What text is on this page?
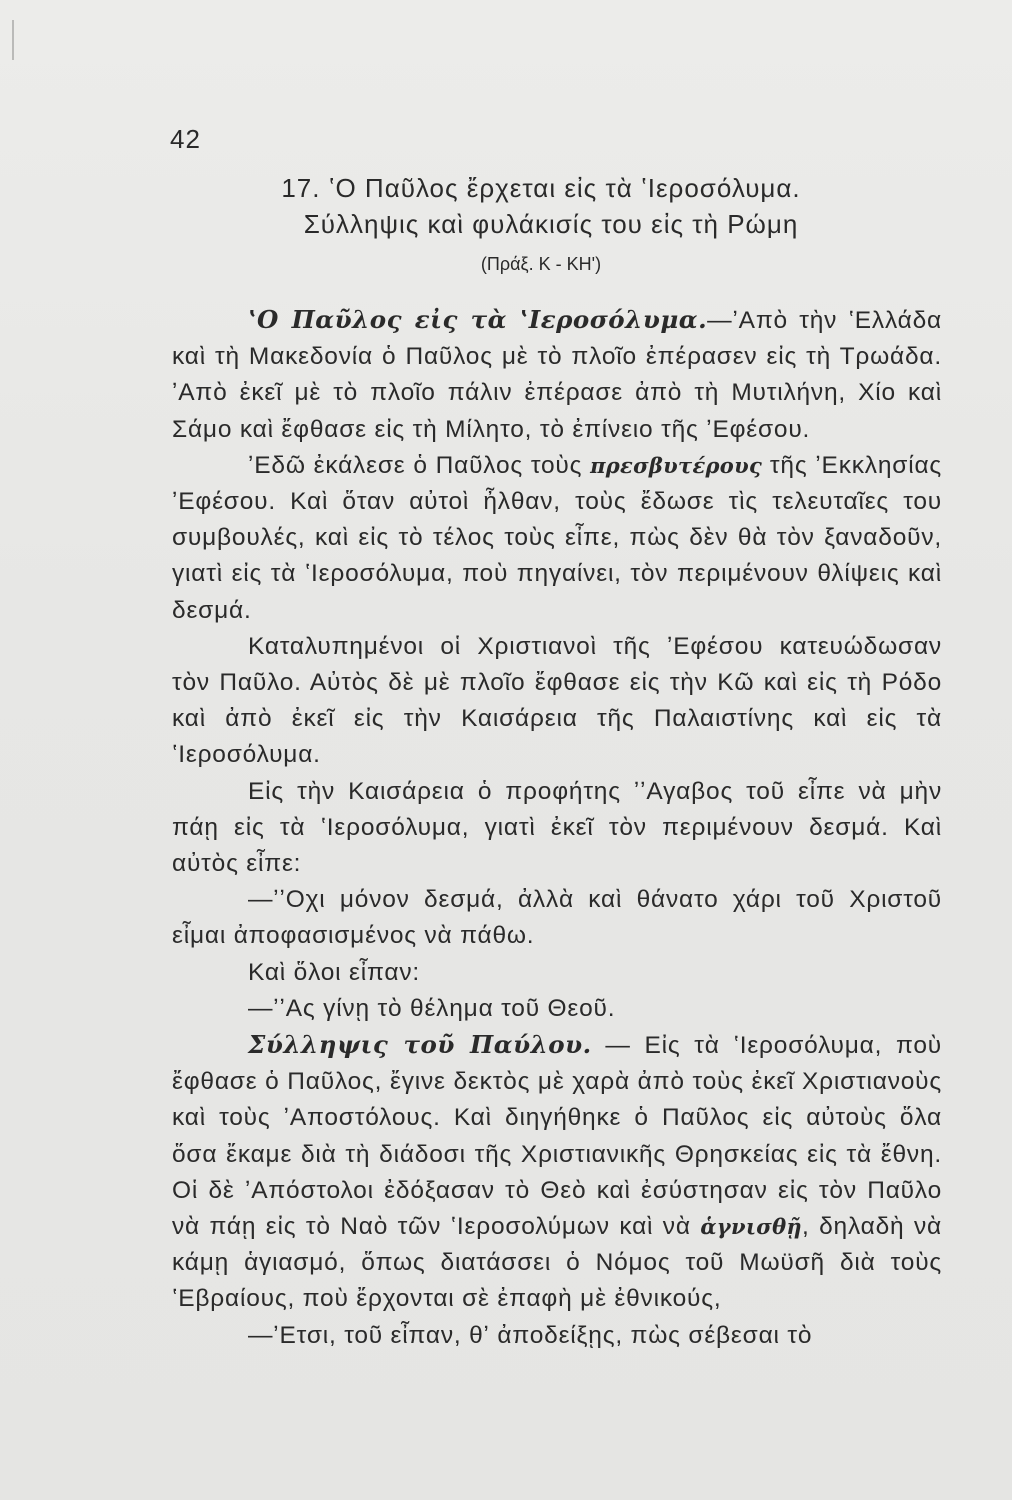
42
17. ʽΟ Παῦλος ἔρχεται εἰς τὰ ʽΙεροσόλυμα.
Σύλληψις καὶ φυλάκισίς του εἰς τὴ Ρώμη
(Πράξ. Κ - ΚΗʹ)

ʽΟ Παῦλος εἰς τὰ ʽΙεροσόλυμα.—ʼΑπὸ τὴν ʽΕλλάδα καὶ τὴ Μακεδονία ὁ Παῦλος μὲ τὸ πλοῖο ἐπέρασεν εἰς τὴ Τρωάδα. ʼΑπὸ ἐκεῖ μὲ τὸ πλοῖο πάλιν ἐπέρασε ἀπὸ τὴ Μυτιλήνη, Χίο καὶ Σάμο καὶ ἔφθασε εἰς τὴ Μίλητο, τὸ ἐπίνειο τῆς ʼΕφέσου.

ʼΕδῶ ἐκάλεσε ὁ Παῦλος τοὺς πρεσβυτέρους τῆς ʼΕκκλησίας ʼΕφέσου. Καὶ ὅταν αὐτοὶ ἦλθαν, τοὺς ἔδωσε τὶς τελευταῖες του συμβουλές, καὶ εἰς τὸ τέλος τοὺς εἶπε, πὼς δὲν θὰ τὸν ξαναδοῦν, γιατὶ εἰς τὰ ʽΙεροσόλυμα, ποὺ πηγαίνει, τὸν περιμένουν θλίψεις καὶ δεσμά.

Καταλυπημένοι οἱ Χριστιανοὶ τῆς ʼΕφέσου κατευώδωσαν τὸν Παῦλο. Αὐτὸς δὲ μὲ πλοῖο ἔφθασε εἰς τὴν Κῶ καὶ εἰς τὴ Ρόδο καὶ ἀπὸ ἐκεῖ εἰς τὴν Καισάρεια τῆς Παλαιστίνης καὶ εἰς τὰ ʽΙεροσόλυμα.

Εἰς τὴν Καισάρεια ὁ προφήτης ʼʼΑγαβος τοῦ εἶπε νὰ μὴν πάῃ εἰς τὰ ʽΙεροσόλυμα, γιατὶ ἐκεῖ τὸν περιμένουν δεσμά. Καὶ αὐτὸς εἶπε:

—ʼʼΟχι μόνον δεσμά, ἀλλὰ καὶ θάνατο χάρι τοῦ Χριστοῦ εἶμαι ἀποφασισμένος νὰ πάθω.

Καὶ ὅλοι εἶπαν:

—ʼʼΑς γίνῃ τὸ θέλημα τοῦ Θεοῦ.

Σύλληψις τοῦ Παύλου. — Εἰς τὰ ʽΙεροσόλυμα, ποὺ ἔφθασε ὁ Παῦλος, ἔγινε δεκτὸς μὲ χαρὰ ἀπὸ τοὺς ἐκεῖ Χριστιανοὺς καὶ τοὺς ʼΑποστόλους. Καὶ διηγήθηκε ὁ Παῦλος εἰς αὐτοὺς ὅλα ὅσα ἔκαμε διὰ τὴ διάδοσι τῆς Χριστιανικῆς Θρησκείας εἰς τὰ ἔθνη. Οἱ δὲ ʼΑπόστολοι ἐδόξασαν τὸ Θεὸ καὶ ἐσύστησαν εἰς τὸν Παῦλο νὰ πάῃ εἰς τὸ Ναὸ τῶν ʽΙεροσολύμων καὶ νὰ ἁγνισθῇ, δηλαδὴ νὰ κάμῃ ἁγιασμό, ὅπως διατάσσει ὁ Νόμος τοῦ Μωϋσῆ διὰ τοὺς ʽΕβραίους, ποὺ ἔρχονται σὲ ἐπαφὴ μὲ ἐθνικούς,

—ʼΕτσι, τοῦ εἶπαν, θʼ ἀποδείξῃς, πὼς σέβεσαι τὸ
